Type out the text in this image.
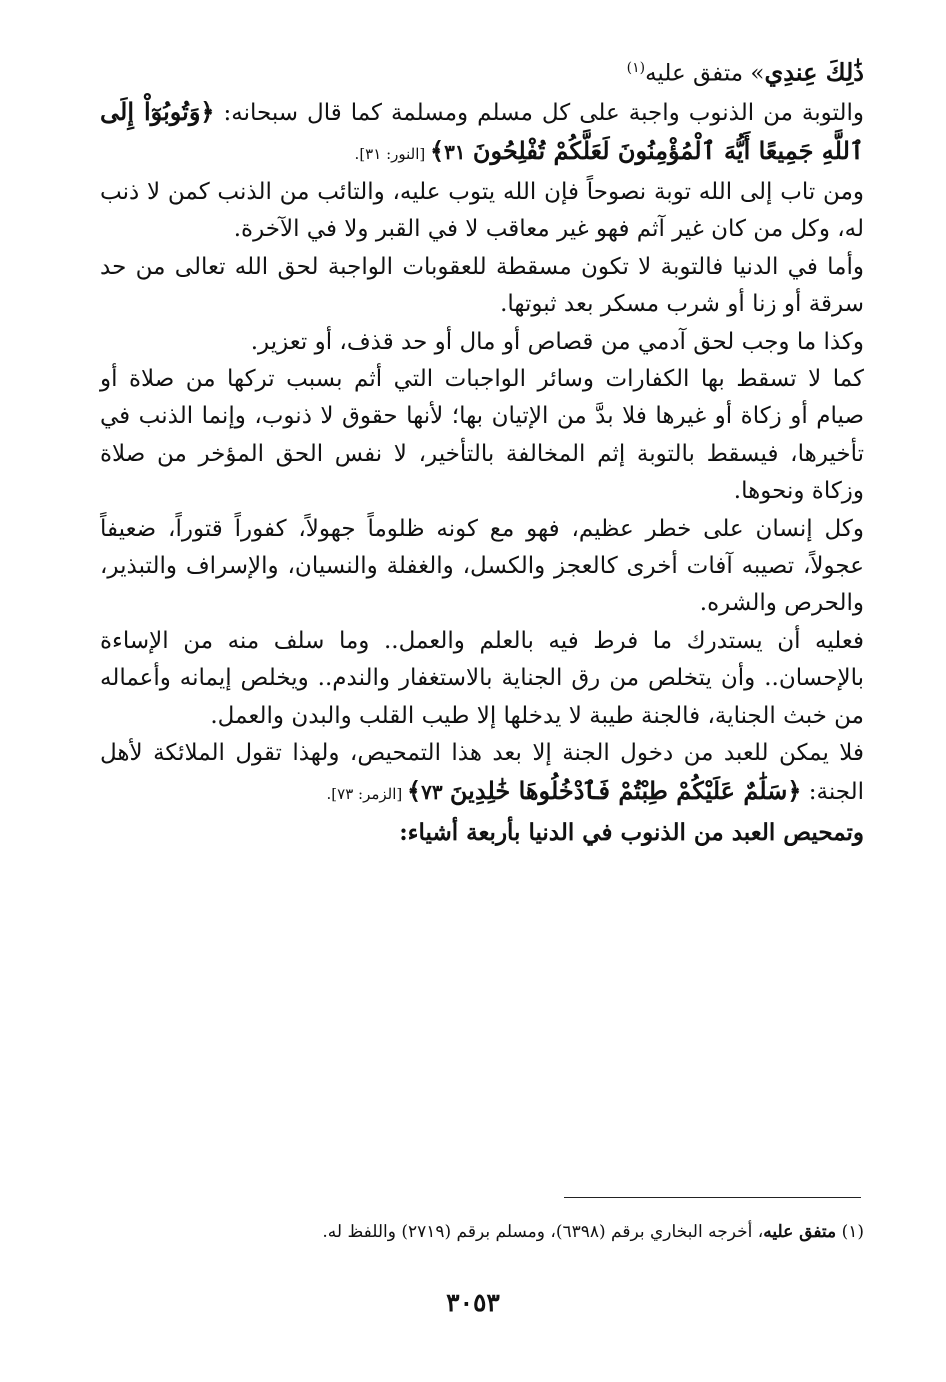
ذَٰلِكَ عِندِي» متفق عليه$^{(١)}$

والتوبة من الذنوب واجبة على كل مسلم ومسلمة كما قال سبحانه: ﴿وَتُوبُوٓاْ إِلَى ٱللَّهِ جَمِيعًا أَيُّهَ ٱلْمُؤْمِنُونَ لَعَلَّكُمْ تُفْلِحُونَ ٣١﴾ [النور: ٣١].

ومن تاب إلى الله توبة نصوحاً فإن الله يتوب عليه، والتائب من الذنب كمن لا ذنب له، وكل من كان غير آثم فهو غير معاقب لا في القبر ولا في الآخرة.

وأما في الدنيا فالتوبة لا تكون مسقطة للعقوبات الواجبة لحق الله تعالى من حد سرقة أو زنا أو شرب مسكر بعد ثبوتها.

وكذا ما وجب لحق آدمي من قصاص أو مال أو حد قذف، أو تعزير.

كما لا تسقط بها الكفارات وسائر الواجبات التي أثم بسبب تركها من صلاة أو صيام أو زكاة أو غيرها فلا بدَّ من الإتيان بها؛ لأنها حقوق لا ذنوب، وإنما الذنب في تأخيرها، فيسقط بالتوبة إثم المخالفة بالتأخير، لا نفس الحق المؤخر من صلاة وزكاة ونحوها.

وكل إنسان على خطر عظيم، فهو مع كونه ظلوماً جهولاً، كفوراً قتوراً، ضعيفاً عجولاً، تصيبه آفات أخرى كالعجز والكسل، والغفلة والنسيان، والإسراف والتبذير، والحرص والشره.

فعليه أن يستدرك ما فرط فيه بالعلم والعمل.. وما سلف منه من الإساءة بالإحسان.. وأن يتخلص من رق الجناية بالاستغفار والندم.. ويخلص إيمانه وأعماله من خبث الجناية، فالجنة طيبة لا يدخلها إلا طيب القلب والبدن والعمل.

فلا يمكن للعبد من دخول الجنة إلا بعد هذا التمحيص، ولهذا تقول الملائكة لأهل الجنة: ﴿سَلَٰمٌ عَلَيْكُمْ طِبْتُمْ فَٱدْخُلُوهَا خَٰلِدِينَ ٧٣﴾ [الزمر: ٧٣].

وتمحيص العبد من الذنوب في الدنيا بأربعة أشياء:

(١) متفق عليه، أخرجه البخاري برقم (٦٣٩٨)، ومسلم برقم (٢٧١٩) واللفظ له.
٣٠٥٣
